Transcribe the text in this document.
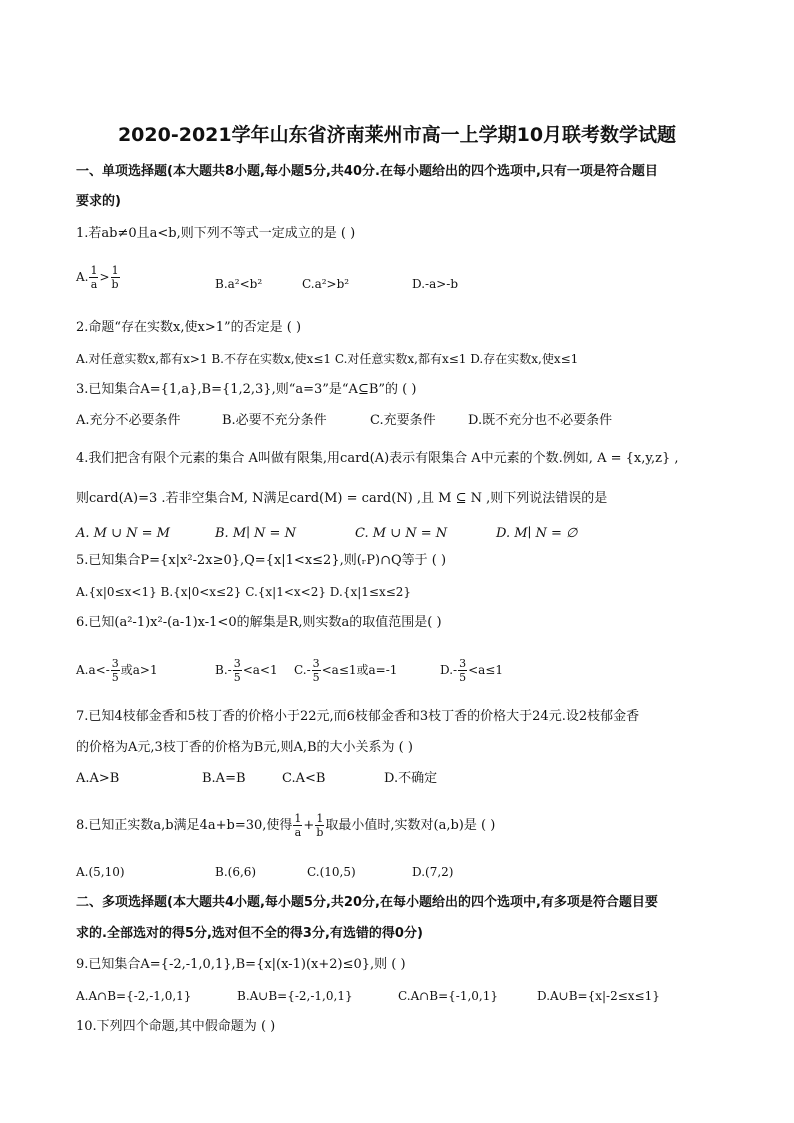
2020-2021学年山东省济南莱州市高一上学期10月联考数学试题
一、单项选择题(本大题共8小题,每小题5分,共40分.在每小题给出的四个选项中,只有一项是符合题目
要求的)
1.若ab≠0且a<b,则下列不等式一定成立的是 ( )
A. $\frac{1}{a} > \frac{1}{b}$	B.a²<b²	C.a²>b²	D.-a>-b
2.命题“存在实数x,使x>1”的否定是 ( )
A.对任意实数x,都有x>1 B.不存在实数x,使x≤1 C.对任意实数x,都有x≤1 D.存在实数x,使x≤1
3.已知集合A={1,a},B={1,2,3},则“a=3”是“A⊆B”的 ( )
A.充分不必要条件	B.必要不充分条件	C.充要条件 D.既不充分也不必要条件
4.我们把含有限个元素的集合 A叫做有限集,用card(A)表示有限集合 A中元素的个数.例如, A = {x,y,z} ,
则card(A)=3 .若非空集合M, N满足card(M) = card(N) ,且 M ⊆ N ,则下列说法错误的是
A. M ∪ N = M	B. M∣ N = N	C. M ∪ N = N	D. M∣ N = ∅
5.已知集合P={x|x²-2x≥0},Q={x|1<x≤2},则(ᵣP)∩Q等于 ( )
A.{x|0≤x<1} B.{x|0<x≤2} C.{x|1<x<2} D.{x|1≤x≤2}
6.已知(a²-1)x²-(a-1)x-1<0的解集是R,则实数a的取值范围是( )
$A.a<- \frac{3}{5}$ 或a>1	$B.- \frac{3}{5} <a<1$ $C.- \frac{3}{5} <a\le 1$或a=-1	$D.- \frac{3}{5} <a\le 1$
7.已知4枝郁金香和5枝丁香的价格小于22元,而6枝郁金香和3枝丁香的价格大于24元.设2枝郁金香
的价格为A元,3枝丁香的价格为B元,则A,B的大小关系为 ( )
A.A>B	B.A=B	C.A<B	D.不确定
8.已知正实数a,b满足4a+b=30,使得 $\frac{1}{a} + \frac{1}{b}$ 取最小值时,实数对(a,b)是 ( )
A.(5,10)	B.(6,6)	C.(10,5)	D.(7,2)
二、多项选择题(本大题共4小题,每小题5分,共20分,在每小题给出的四个选项中,有多项是符合题目要
求的.全部选对的得5分,选对但不全的得3分,有选错的得0分)
9.已知集合A={-2,-1,0,1},B={x|(x-1)(x+2)≤0},则 ( )
A.A∩B={-2,-1,0,1}	B.A∪B={-2,-1,0,1}	C.A∩B={-1,0,1}	D.A∪B={x|-2≤x≤1}
10.下列四个命题,其中假命题为 ( )
